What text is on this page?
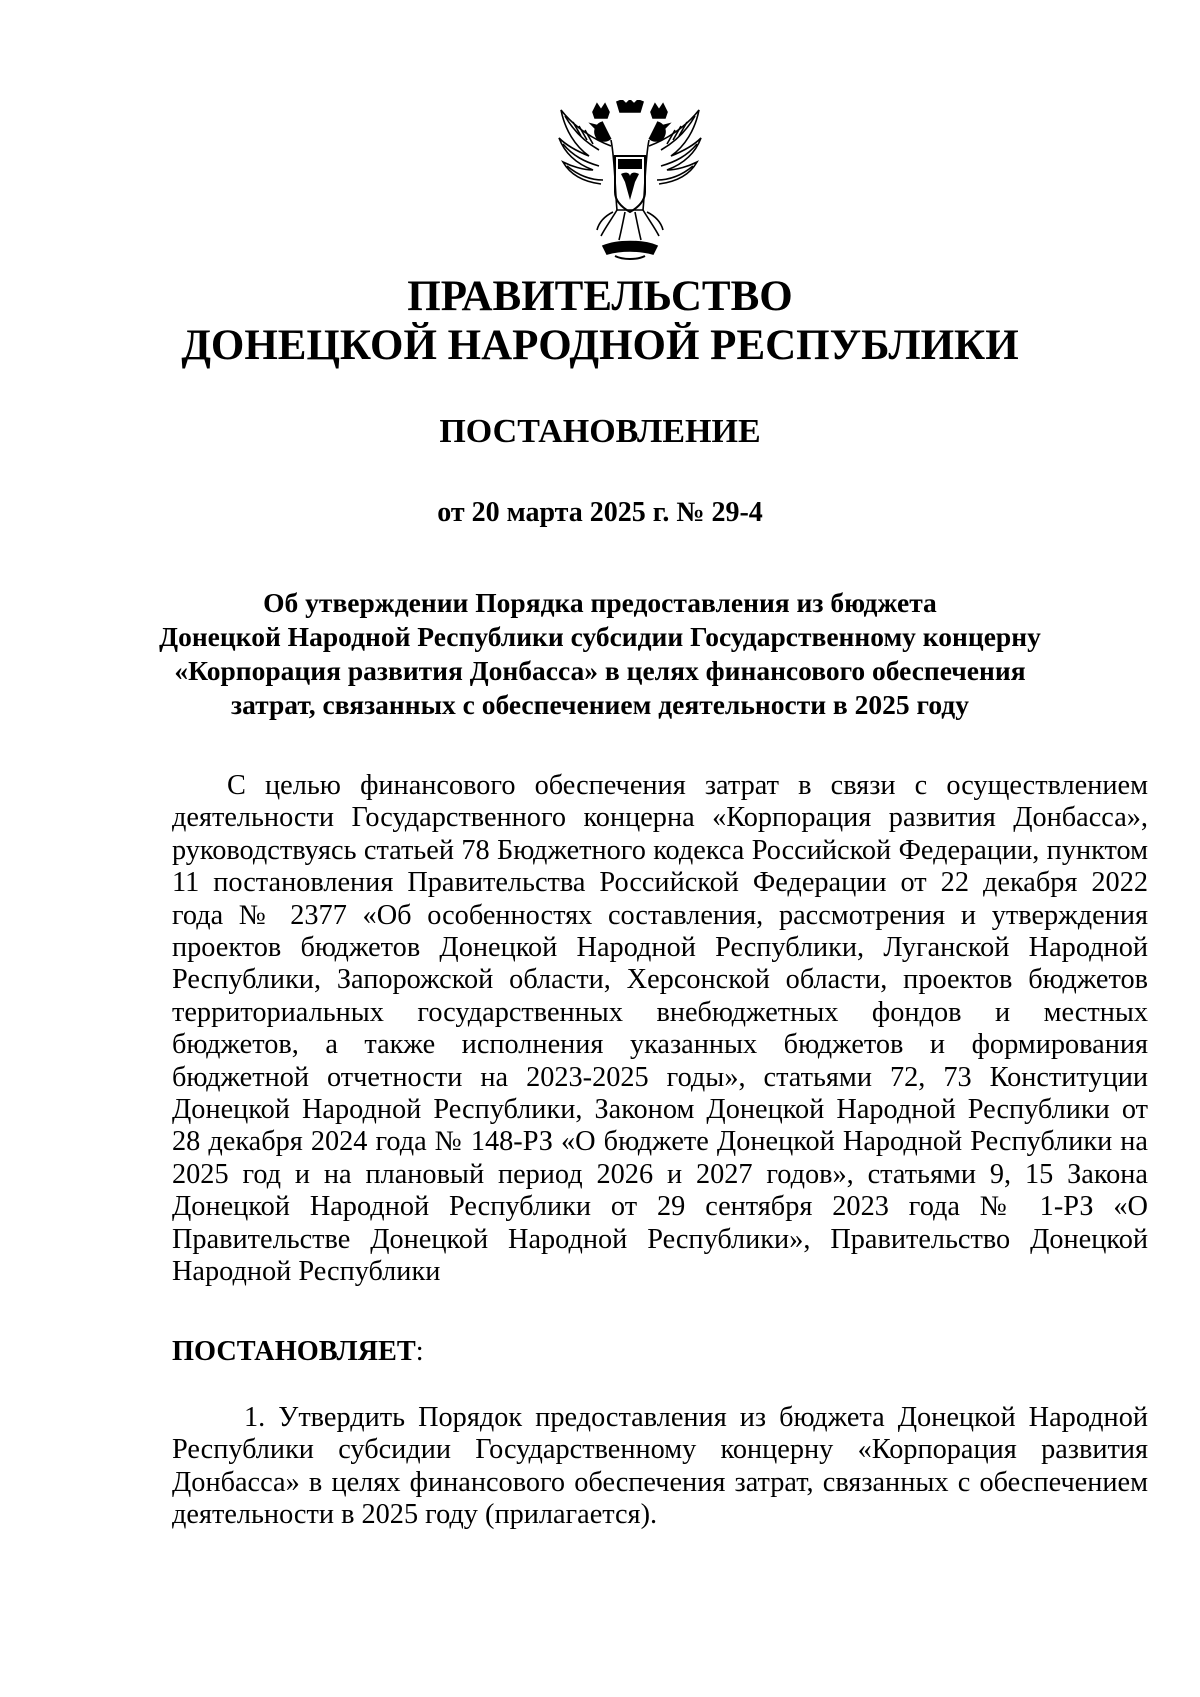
ПРАВИТЕЛЬСТВО
ДОНЕЦКОЙ НАРОДНОЙ РЕСПУБЛИКИ
ПОСТАНОВЛЕНИЕ
от 20 марта 2025 г. № 29-4
Об утверждении Порядка предоставления из бюджета
Донецкой Народной Республики субсидии Государственному концерну
«Корпорация развития Донбасса» в целях финансового обеспечения
затрат, связанных с обеспечением деятельности в 2025 году
С целью финансового обеспечения затрат в связи с осуществлением деятельности Государственного концерна «Корпорация развития Донбасса», руководствуясь статьей 78 Бюджетного кодекса Российской Федерации, пунктом 11 постановления Правительства Российской Федерации от 22 декабря 2022 года № 2377 «Об особенностях составления, рассмотрения и утверждения проектов бюджетов Донецкой Народной Республики, Луганской Народной Республики, Запорожской области, Херсонской области, проектов бюджетов территориальных государственных внебюджетных фондов и местных бюджетов, а также исполнения указанных бюджетов и формирования бюджетной отчетности на 2023-2025 годы», статьями 72, 73 Конституции Донецкой Народной Республики, Законом Донецкой Народной Республики от 28 декабря 2024 года № 148-РЗ «О бюджете Донецкой Народной Республики на 2025 год и на плановый период 2026 и 2027 годов», статьями 9, 15 Закона Донецкой Народной Республики от 29 сентября 2023 года № 1-РЗ «О Правительстве Донецкой Народной Республики», Правительство Донецкой Народной Республики
ПОСТАНОВЛЯЕТ:
1. Утвердить Порядок предоставления из бюджета Донецкой Народной Республики субсидии Государственному концерну «Корпорация развития Донбасса» в целях финансового обеспечения затрат, связанных с обеспечением деятельности в 2025 году (прилагается).
